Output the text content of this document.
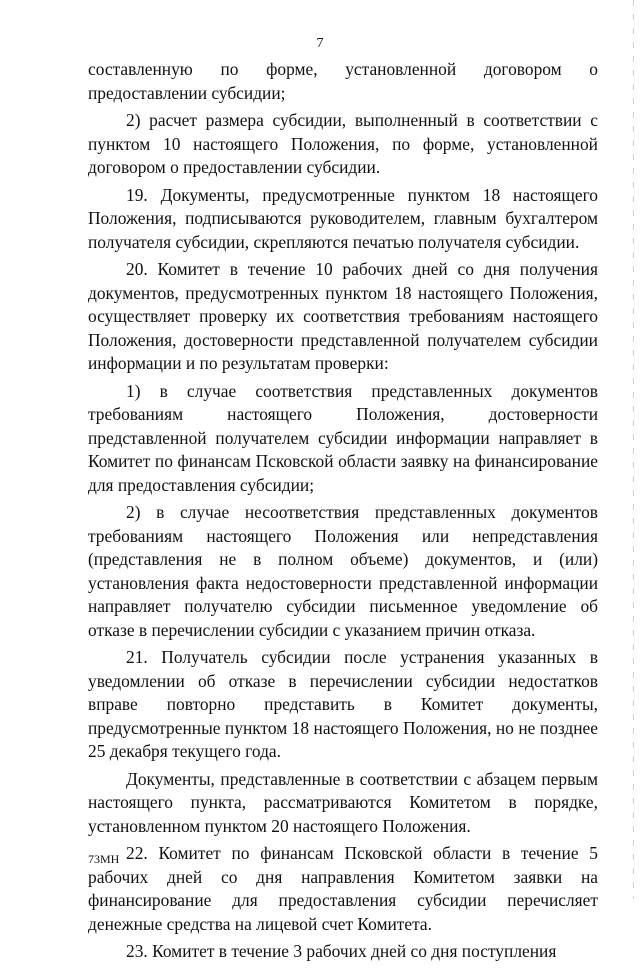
7

составленную по форме, установленной договором о предоставлении субсидии;

2) расчет размера субсидии, выполненный в соответствии с пунктом 10 настоящего Положения, по форме, установленной договором о предоставлении субсидии.

19. Документы, предусмотренные пунктом 18 настоящего Положения, подписываются руководителем, главным бухгалтером получателя субсидии, скрепляются печатью получателя субсидии.

20. Комитет в течение 10 рабочих дней со дня получения документов, предусмотренных пунктом 18 настоящего Положения, осуществляет проверку их соответствия требованиям настоящего Положения, достоверности представленной получателем субсидии информации и по результатам проверки:

1) в случае соответствия представленных документов требованиям настоящего Положения, достоверности представленной получателем субсидии информации направляет в Комитет по финансам Псковской области заявку на финансирование для предоставления субсидии;

2) в случае несоответствия представленных документов требованиям настоящего Положения или непредставления (представления не в полном объеме) документов, и (или) установления факта недостоверности представленной информации направляет получателю субсидии письменное уведомление об отказе в перечислении субсидии с указанием причин отказа.

21. Получатель субсидии после устранения указанных в уведомлении об отказе в перечислении субсидии недостатков вправе повторно представить в Комитет документы, предусмотренные пунктом 18 настоящего Положения, но не позднее 25 декабря текущего года.

Документы, представленные в соответствии с абзацем первым настоящего пункта, рассматриваются Комитетом в порядке, установленном пунктом 20 настоящего Положения.

22. Комитет по финансам Псковской области в течение 5 рабочих дней со дня направления Комитетом заявки на финансирование для предоставления субсидии перечисляет денежные средства на лицевой счет Комитета.

23. Комитет в течение 3 рабочих дней со дня поступления

73МН
